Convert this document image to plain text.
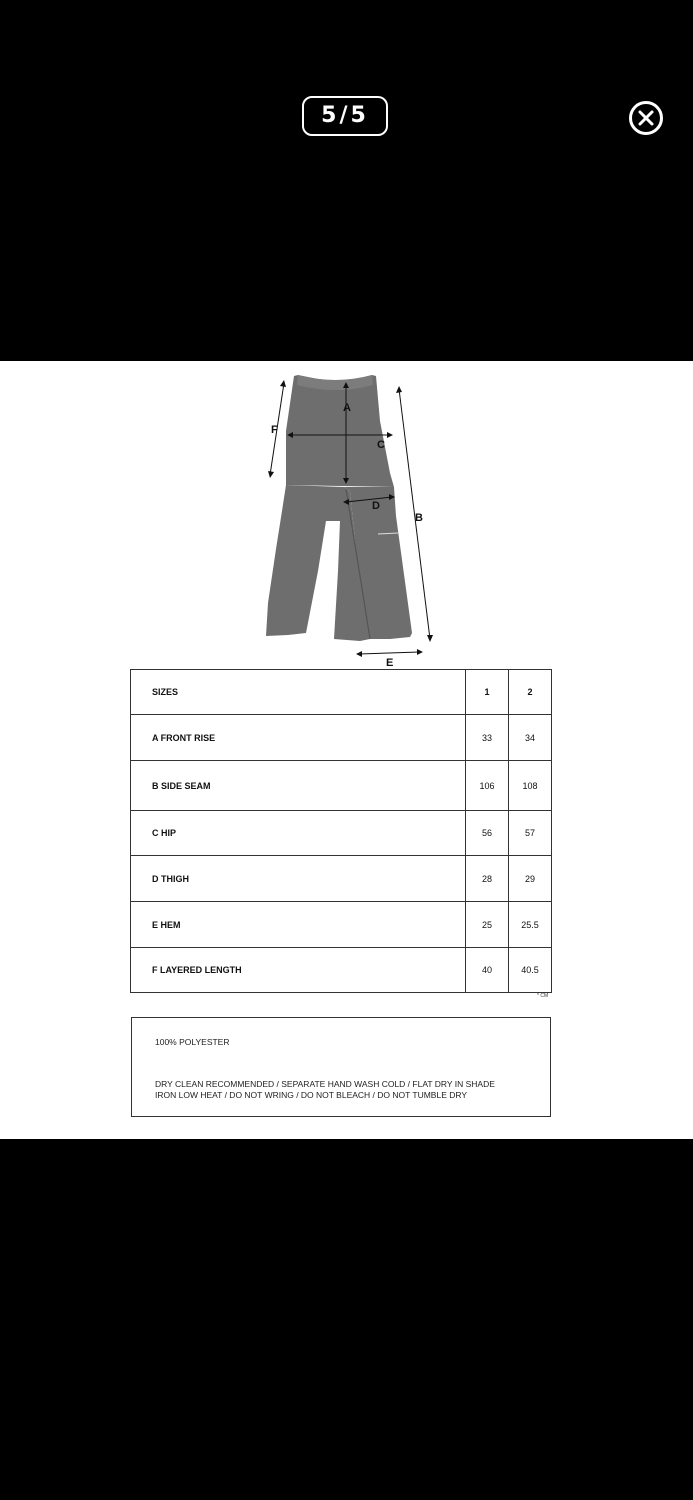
5/5
A
C
F
D
B
E
SIZES	1	2
A FRONT RISE	33	34
B SIDE SEAM	106	108
C HIP	56	57
D THIGH	28	29
E HEM	25	25.5
F LAYERED LENGTH	40	40.5
* CM
100% POLYESTER
DRY CLEAN RECOMMENDED / SEPARATE HAND WASH COLD / FLAT DRY IN SHADE
IRON LOW HEAT / DO NOT WRING / DO NOT BLEACH / DO NOT TUMBLE DRY
